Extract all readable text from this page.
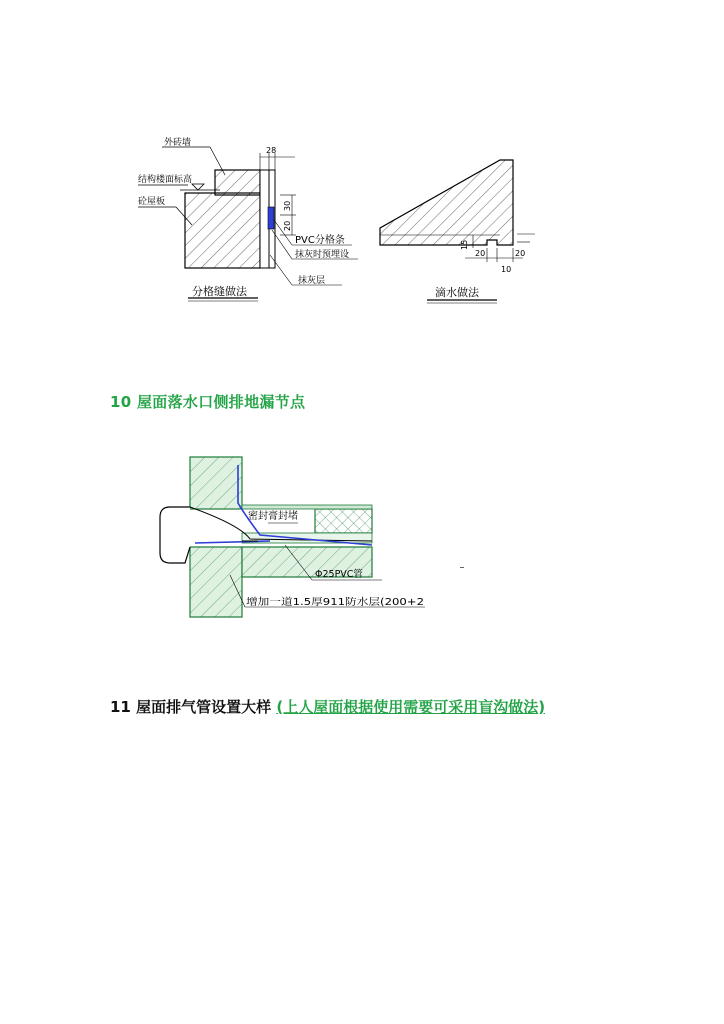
外砖墙
结构楼面标高
砼屋板
28
30
20
PVC分格条
抹灰时预埋设
抹灰层
分格缝做法
15
20	20
10
滴水做法
10 屋面落水口侧排地漏节点
密封膏封堵
Φ25PVC管
增加一道1.5厚911防水层(200+2
11 屋面排气管设置大样 (上人屋面根据使用需要可采用盲沟做法)
